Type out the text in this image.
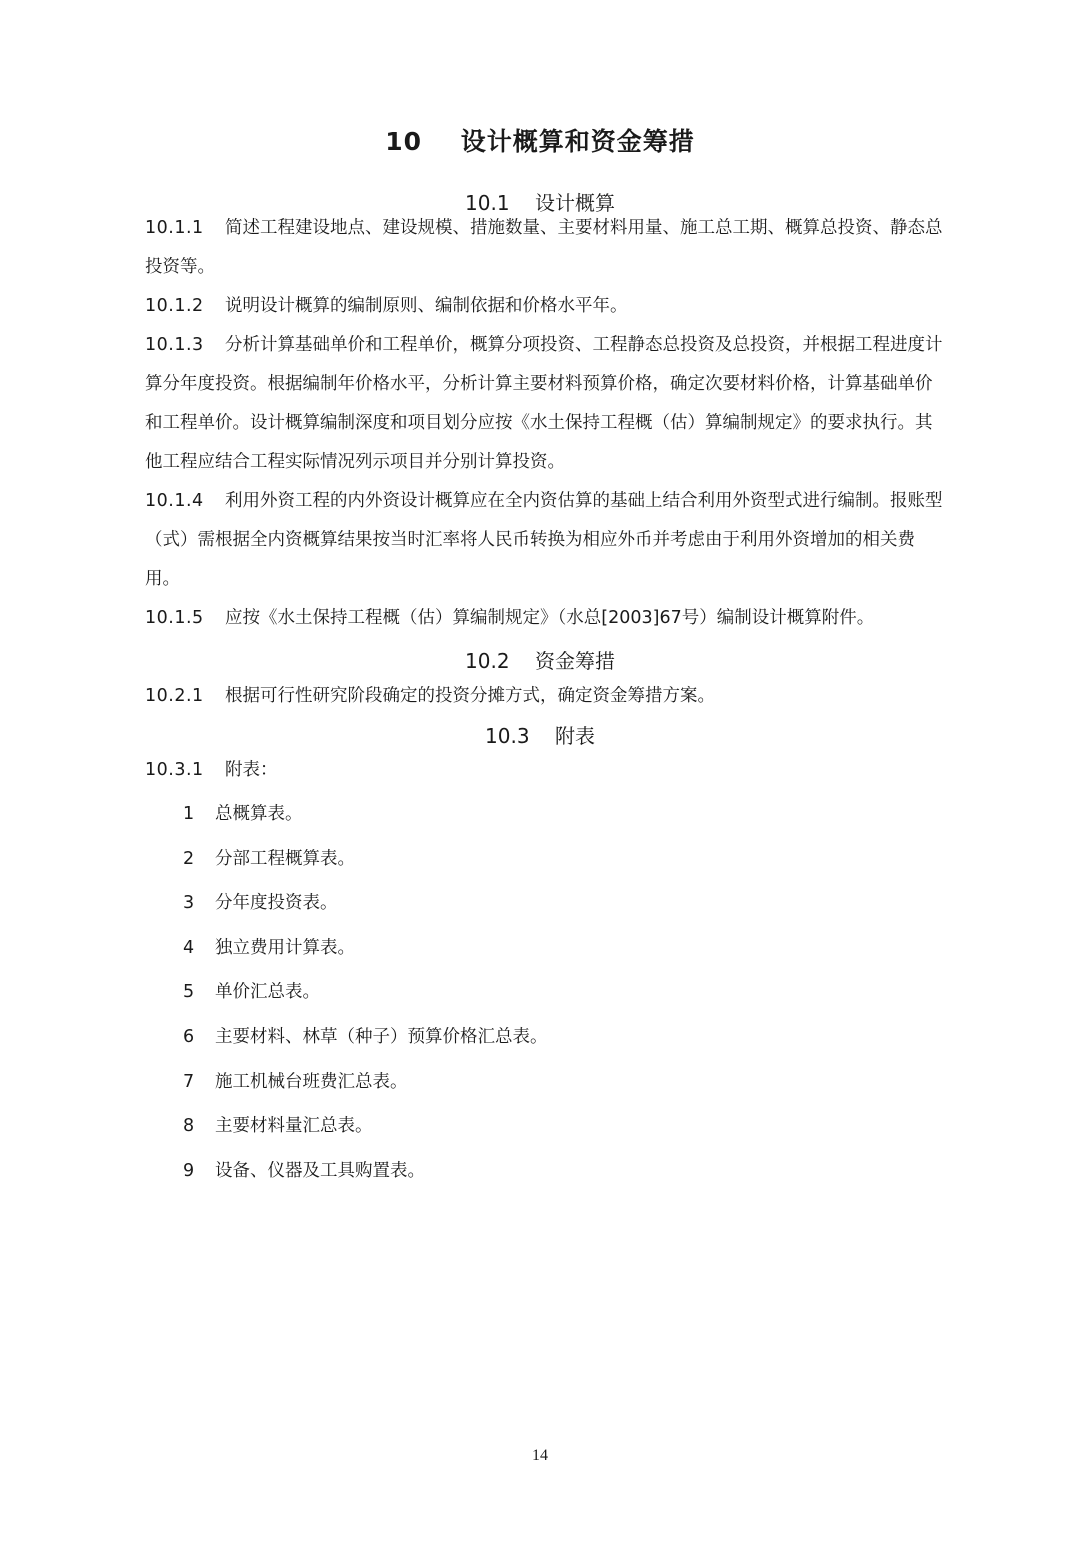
10    设计概算和资金筹措
10.1    设计概算

10.1.1 简述工程建设地点、建设规模、措施数量、主要材料用量、施工总工期、概算总投资、静态总投资等。

10.1.2 说明设计概算的编制原则、编制依据和价格水平年。

10.1.3 分析计算基础单价和工程单价，概算分项投资、工程静态总投资及总投资，并根据工程进度计算分年度投资。根据编制年价格水平，分析计算主要材料预算价格，确定次要材料价格，计算基础单价和工程单价。设计概算编制深度和项目划分应按《水土保持工程概（估）算编制规定》的要求执行。其他工程应结合工程实际情况列示项目并分别计算投资。

10.1.4 利用外资工程的内外资设计概算应在全内资估算的基础上结合利用外资型式进行编制。报账型（式）需根据全内资概算结果按当时汇率将人民币转换为相应外币并考虑由于利用外资增加的相关费用。

10.1.5 应按《水土保持工程概（估）算编制规定》（水总[2003]67号）编制设计概算附件。

10.2    资金筹措

10.2.1 根据可行性研究阶段确定的投资分摊方式，确定资金筹措方案。

10.3    附表

10.3.1 附表：

1 总概算表。
2 分部工程概算表。
3 分年度投资表。
4 独立费用计算表。
5 单价汇总表。
6 主要材料、林草（种子）预算价格汇总表。
7 施工机械台班费汇总表。
8 主要材料量汇总表。
9 设备、仪器及工具购置表。
14
